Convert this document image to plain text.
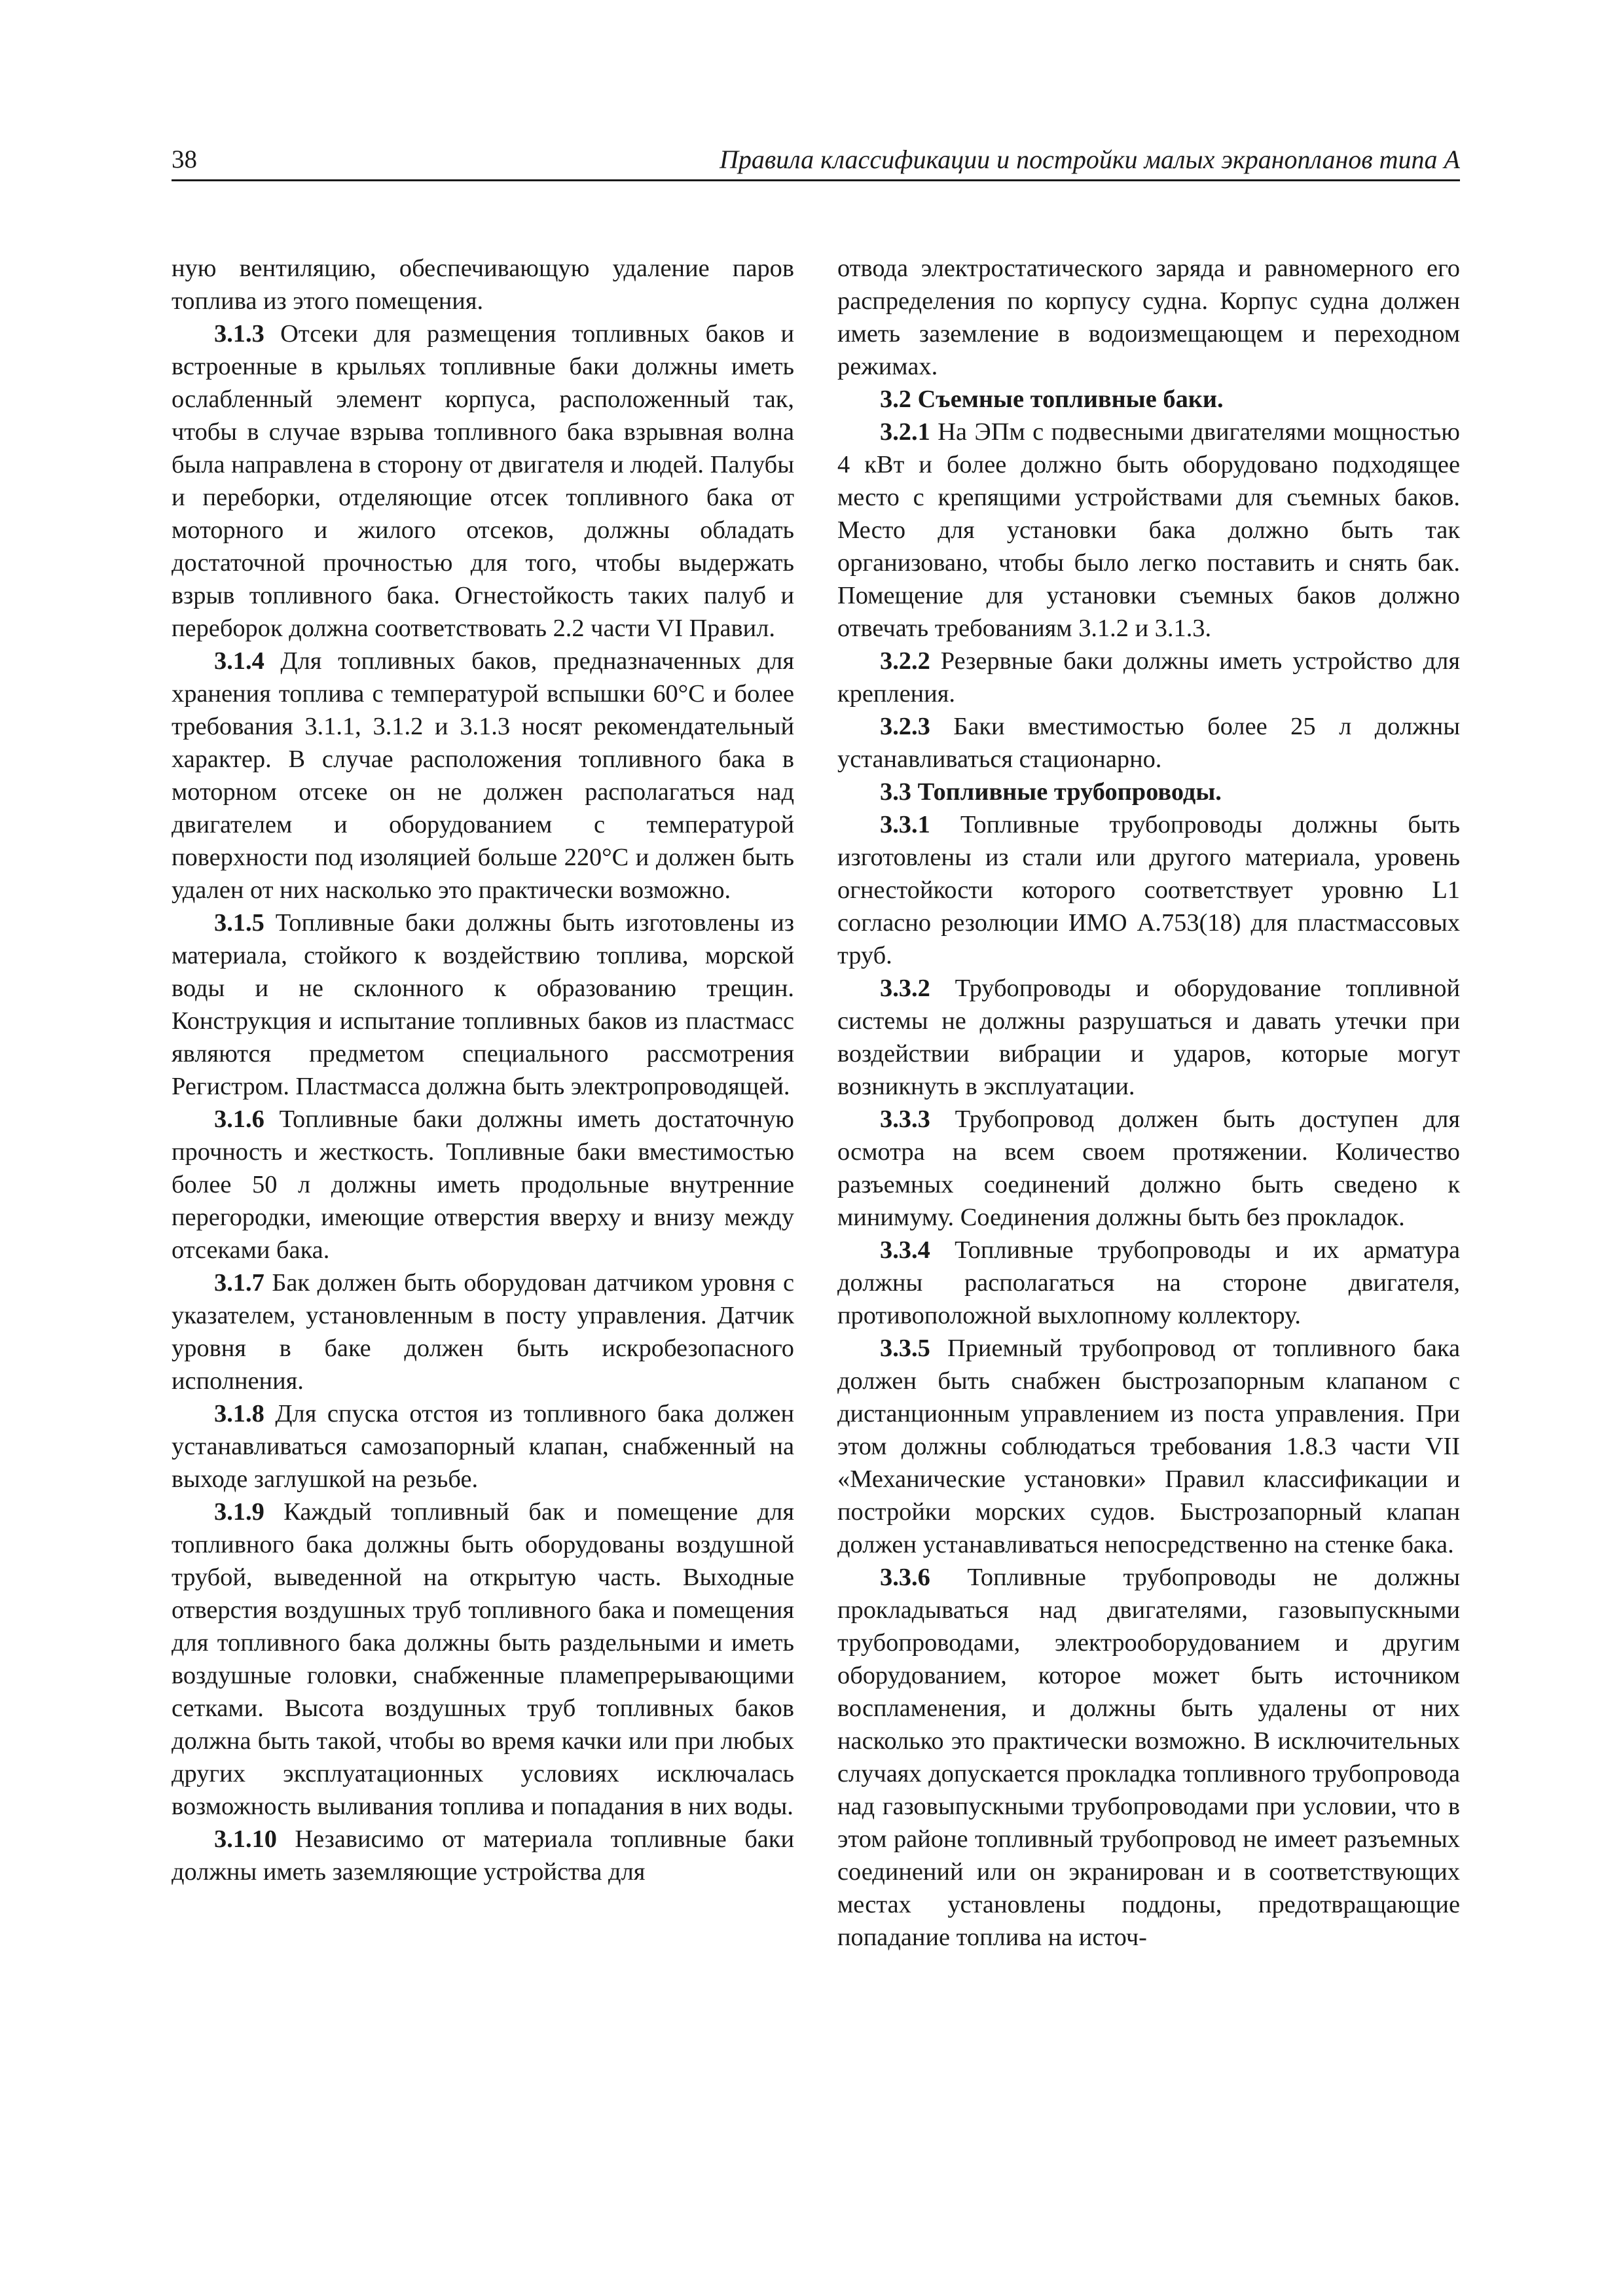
38	Правила классификации и постройки малых экранопланов типа А

ную вентиляцию, обеспечивающую удаление паров топлива из этого помещения.

3.1.3 Отсеки для размещения топливных баков и встроенные в крыльях топливные баки должны иметь ослабленный элемент корпуса, расположенный так, чтобы в случае взрыва топливного бака взрывная волна была направлена в сторону от двигателя и людей. Палубы и переборки, отделяющие отсек топливного бака от моторного и жилого отсеков, должны обладать достаточной прочностью для того, чтобы выдержать взрыв топливного бака. Огнестойкость таких палуб и переборок должна соответствовать 2.2 части VI Правил.

3.1.4 Для топливных баков, предназначенных для хранения топлива с температурой вспышки 60°С и более требования 3.1.1, 3.1.2 и 3.1.3 носят рекомендательный характер. В случае расположения топливного бака в моторном отсеке он не должен располагаться над двигателем и оборудованием с температурой поверхности под изоляцией больше 220°С и должен быть удален от них насколько это практически возможно.

3.1.5 Топливные баки должны быть изготовлены из материала, стойкого к воздействию топлива, морской воды и не склонного к образованию трещин. Конструкция и испытание топливных баков из пластмасс являются предметом специального рассмотрения Регистром. Пластмасса должна быть электропроводящей.

3.1.6 Топливные баки должны иметь достаточную прочность и жесткость. Топливные баки вместимостью более 50 л должны иметь продольные внутренние перегородки, имеющие отверстия вверху и внизу между отсеками бака.

3.1.7 Бак должен быть оборудован датчиком уровня с указателем, установленным в посту управления. Датчик уровня в баке должен быть искробезопасного исполнения.

3.1.8 Для спуска отстоя из топливного бака должен устанавливаться самозапорный клапан, снабженный на выходе заглушкой на резьбе.

3.1.9 Каждый топливный бак и помещение для топливного бака должны быть оборудованы воздушной трубой, выведенной на открытую часть. Выходные отверстия воздушных труб топливного бака и помещения для топливного бака должны быть раздельными и иметь воздушные головки, снабженные пламепрерывающими сетками. Высота воздушных труб топливных баков должна быть такой, чтобы во время качки или при любых других эксплуатационных условиях исключалась возможность выливания топлива и попадания в них воды.

3.1.10 Независимо от материала топливные баки должны иметь заземляющие устройства для

отвода электростатического заряда и равномерного его распределения по корпусу судна. Корпус судна должен иметь заземление в водоизмещающем и переходном режимах.

3.2 Съемные топливные баки.

3.2.1 На ЭПм с подвесными двигателями мощностью 4 кВт и более должно быть оборудовано подходящее место с крепящими устройствами для съемных баков. Место для установки бака должно быть так организовано, чтобы было легко поставить и снять бак. Помещение для установки съемных баков должно отвечать требованиям 3.1.2 и 3.1.3.

3.2.2 Резервные баки должны иметь устройство для крепления.

3.2.3 Баки вместимостью более 25 л должны устанавливаться стационарно.

3.3 Топливные трубопроводы.

3.3.1 Топливные трубопроводы должны быть изготовлены из стали или другого материала, уровень огнестойкости которого соответствует уровню L1 согласно резолюции ИМО А.753(18) для пластмассовых труб.

3.3.2 Трубопроводы и оборудование топливной системы не должны разрушаться и давать утечки при воздействии вибрации и ударов, которые могут возникнуть в эксплуатации.

3.3.3 Трубопровод должен быть доступен для осмотра на всем своем протяжении. Количество разъемных соединений должно быть сведено к минимуму. Соединения должны быть без прокладок.

3.3.4 Топливные трубопроводы и их арматура должны располагаться на стороне двигателя, противоположной выхлопному коллектору.

3.3.5 Приемный трубопровод от топливного бака должен быть снабжен быстрозапорным клапаном с дистанционным управлением из поста управления. При этом должны соблюдаться требования 1.8.3 части VII «Механические установки» Правил классификации и постройки морских судов. Быстрозапорный клапан должен устанавливаться непосредственно на стенке бака.

3.3.6 Топливные трубопроводы не должны прокладываться над двигателями, газовыпускными трубопроводами, электрооборудованием и другим оборудованием, которое может быть источником воспламенения, и должны быть удалены от них насколько это практически возможно. В исключительных случаях допускается прокладка топливного трубопровода над газовыпускными трубопроводами при условии, что в этом районе топливный трубопровод не имеет разъемных соединений или он экранирован и в соответствующих местах установлены поддоны, предотвращающие попадание топлива на источ-
